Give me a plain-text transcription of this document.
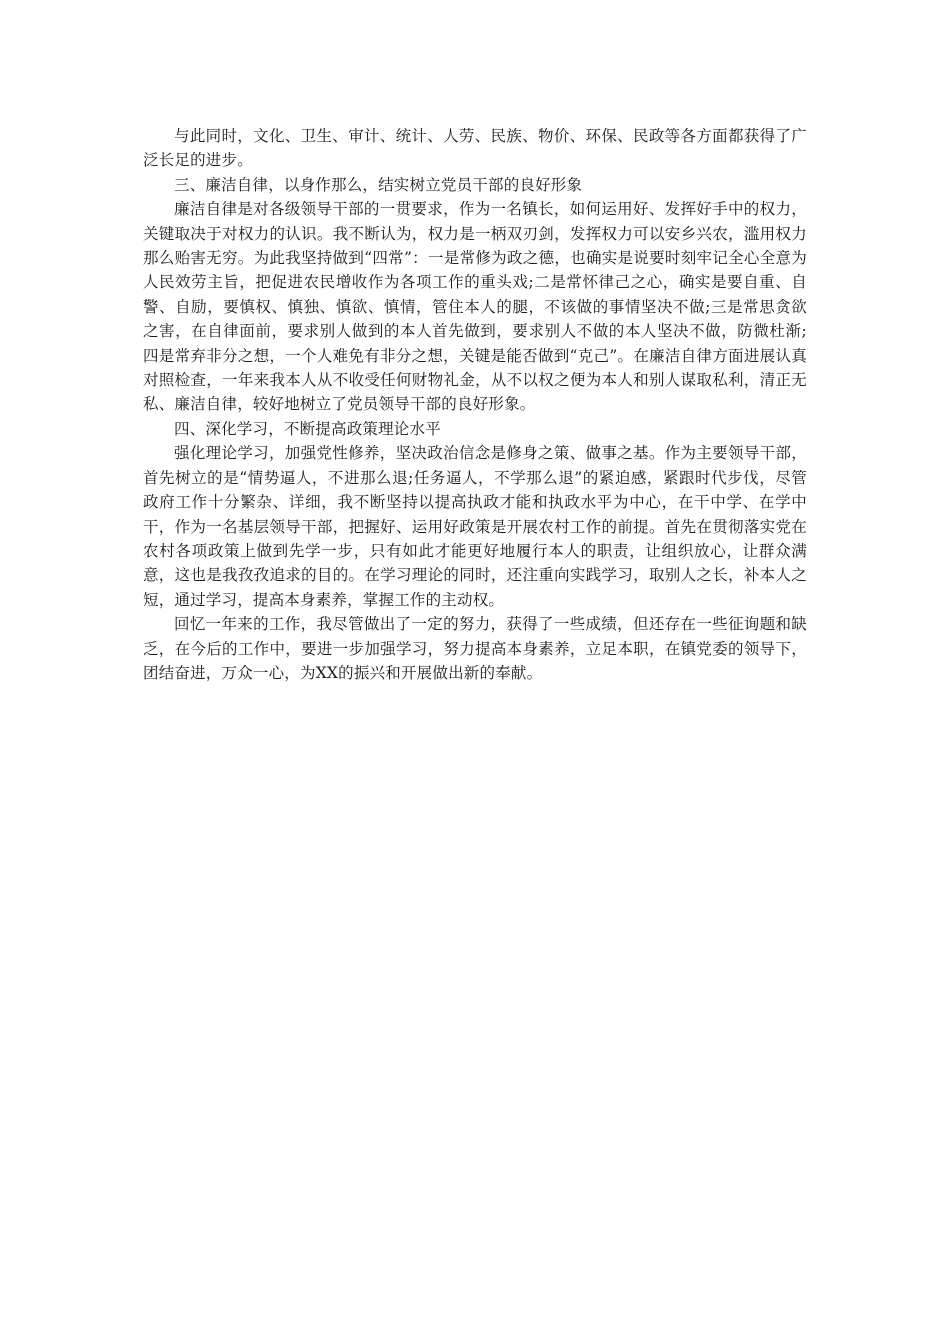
与此同时，文化、卫生、审计、统计、人劳、民族、物价、环保、民政等各方面都获得了广泛长足的进步。

三、廉洁自律，以身作那么，结实树立党员干部的良好形象

廉洁自律是对各级领导干部的一贯要求，作为一名镇长，如何运用好、发挥好手中的权力，关键取决于对权力的认识。我不断认为，权力是一柄双刃剑，发挥权力可以安乡兴农，滥用权力那么贻害无穷。为此我坚持做到“四常”：一是常修为政之德，也确实是说要时刻牢记全心全意为人民效劳主旨，把促进农民增收作为各项工作的重头戏;二是常怀律己之心，确实是要自重、自警、自励，要慎权、慎独、慎欲、慎情，管住本人的腿，不该做的事情坚决不做;三是常思贪欲之害，在自律面前，要求别人做到的本人首先做到，要求别人不做的本人坚决不做，防微杜渐;四是常弃非分之想，一个人难免有非分之想，关键是能否做到“克己”。在廉洁自律方面进展认真对照检查，一年来我本人从不收受任何财物礼金，从不以权之便为本人和别人谋取私利，清正无私、廉洁自律，较好地树立了党员领导干部的良好形象。

四、深化学习，不断提高政策理论水平

强化理论学习，加强党性修养，坚决政治信念是修身之策、做事之基。作为主要领导干部，首先树立的是“情势逼人，不进那么退;任务逼人，不学那么退”的紧迫感，紧跟时代步伐，尽管政府工作十分繁杂、详细，我不断坚持以提高执政才能和执政水平为中心，在干中学、在学中干，作为一名基层领导干部，把握好、运用好政策是开展农村工作的前提。首先在贯彻落实党在农村各项政策上做到先学一步，只有如此才能更好地履行本人的职责，让组织放心，让群众满意，这也是我孜孜追求的目的。在学习理论的同时，还注重向实践学习，取别人之长，补本人之短，通过学习，提高本身素养，掌握工作的主动权。

回忆一年来的工作，我尽管做出了一定的努力，获得了一些成绩，但还存在一些征询题和缺乏，在今后的工作中，要进一步加强学习，努力提高本身素养，立足本职，在镇党委的领导下，团结奋进，万众一心，为XX的振兴和开展做出新的奉献。
